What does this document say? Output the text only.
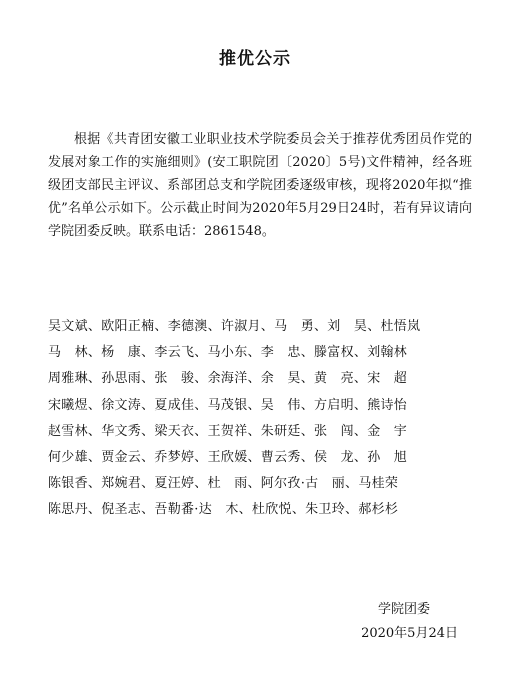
推优公示

根据《共青团安徽工业职业技术学院委员会关于推荐优秀团员作党的发展对象工作的实施细则》(安工职院团〔2020〕5号)文件精神，经各班级团支部民主评议、系部团总支和学院团委逐级审核，现将2020年拟“推优”名单公示如下。公示截止时间为2020年5月29日24时，若有异议请向学院团委反映。联系电话：2861548。

吴文斌、欧阳正楠、李德澳、许淑月、马　勇、刘　昊、杜悟岚
马　林、杨　康、李云飞、马小东、李　忠、滕富权、刘翰林
周雅琳、孙思雨、张　骏、余海洋、余　昊、黄　亮、宋　超
宋曦煜、徐文涛、夏成佳、马茂银、吴　伟、方启明、熊诗怡
赵雪林、华文秀、梁天衣、王贺祥、朱研廷、张　闯、金　宇
何少雄、贾金云、乔梦婷、王欣媛、曹云秀、侯　龙、孙　旭
陈银香、郑婉君、夏汪婷、杜　雨、阿尔孜·古　丽、马桂荣
陈思丹、倪圣志、吾勒番·达　木、杜欣悦、朱卫玲、郝杉杉
学院团委
2020年5月24日
